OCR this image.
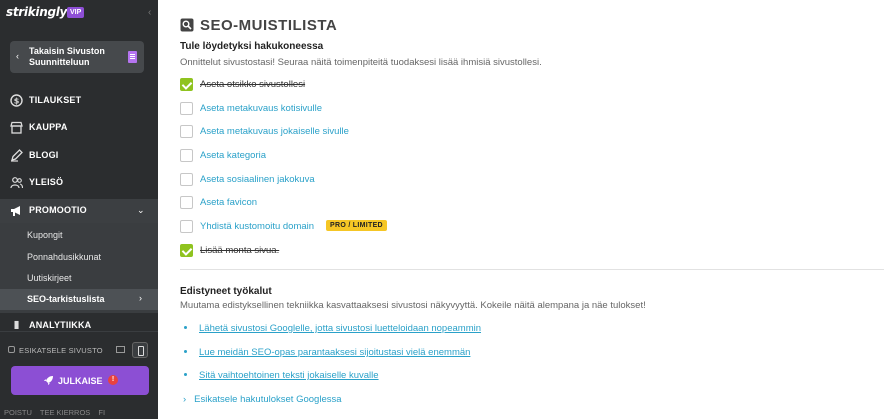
strikingly VIP	‹
‹ Takaisin Sivuston Suunnitteluun
$ TILAUKSET
KAUPPA
BLOGI
YLEISÖ
PROMOOTIO	⌄
Kupongit
Ponnahdusikkunat
Uutiskirjeet
SEO-tarkistuslista	›
▮	ANALYTIIKKA
ESIKATSELE SIVUSTO
JULKAISE	!
POISTU TEE KIERROS FI
SEO-MUISTILISTA
Tule löydetyksi hakukoneessa
Onnittelut sivustostasi! Seuraa näitä toimenpiteitä tuodaksesi lisää ihmisiä sivustollesi.
Aseta otsikko sivustollesi
Aseta metakuvaus kotisivulle
Aseta metakuvaus jokaiselle sivulle
Aseta kategoria
Aseta sosiaalinen jakokuva
Aseta favicon
Yhdistä kustomoitu domain	PRO / LIMITED
Lisää monta sivua.
Edistyneet työkalut
Muutama edistyksellinen tekniikka kasvattaaksesi sivustosi näkyvyyttä. Kokeile näitä alempana ja näe tulokset!
Lähetä sivustosi Googlelle, jotta sivustosi luetteloidaan nopeammin
Lue meidän SEO-opas parantaaksesi sijoitustasi vielä enemmän
Sitä vaihtoehtoinen teksti jokaiselle kuvalle
› Esikatsele hakutulokset Googlessa
